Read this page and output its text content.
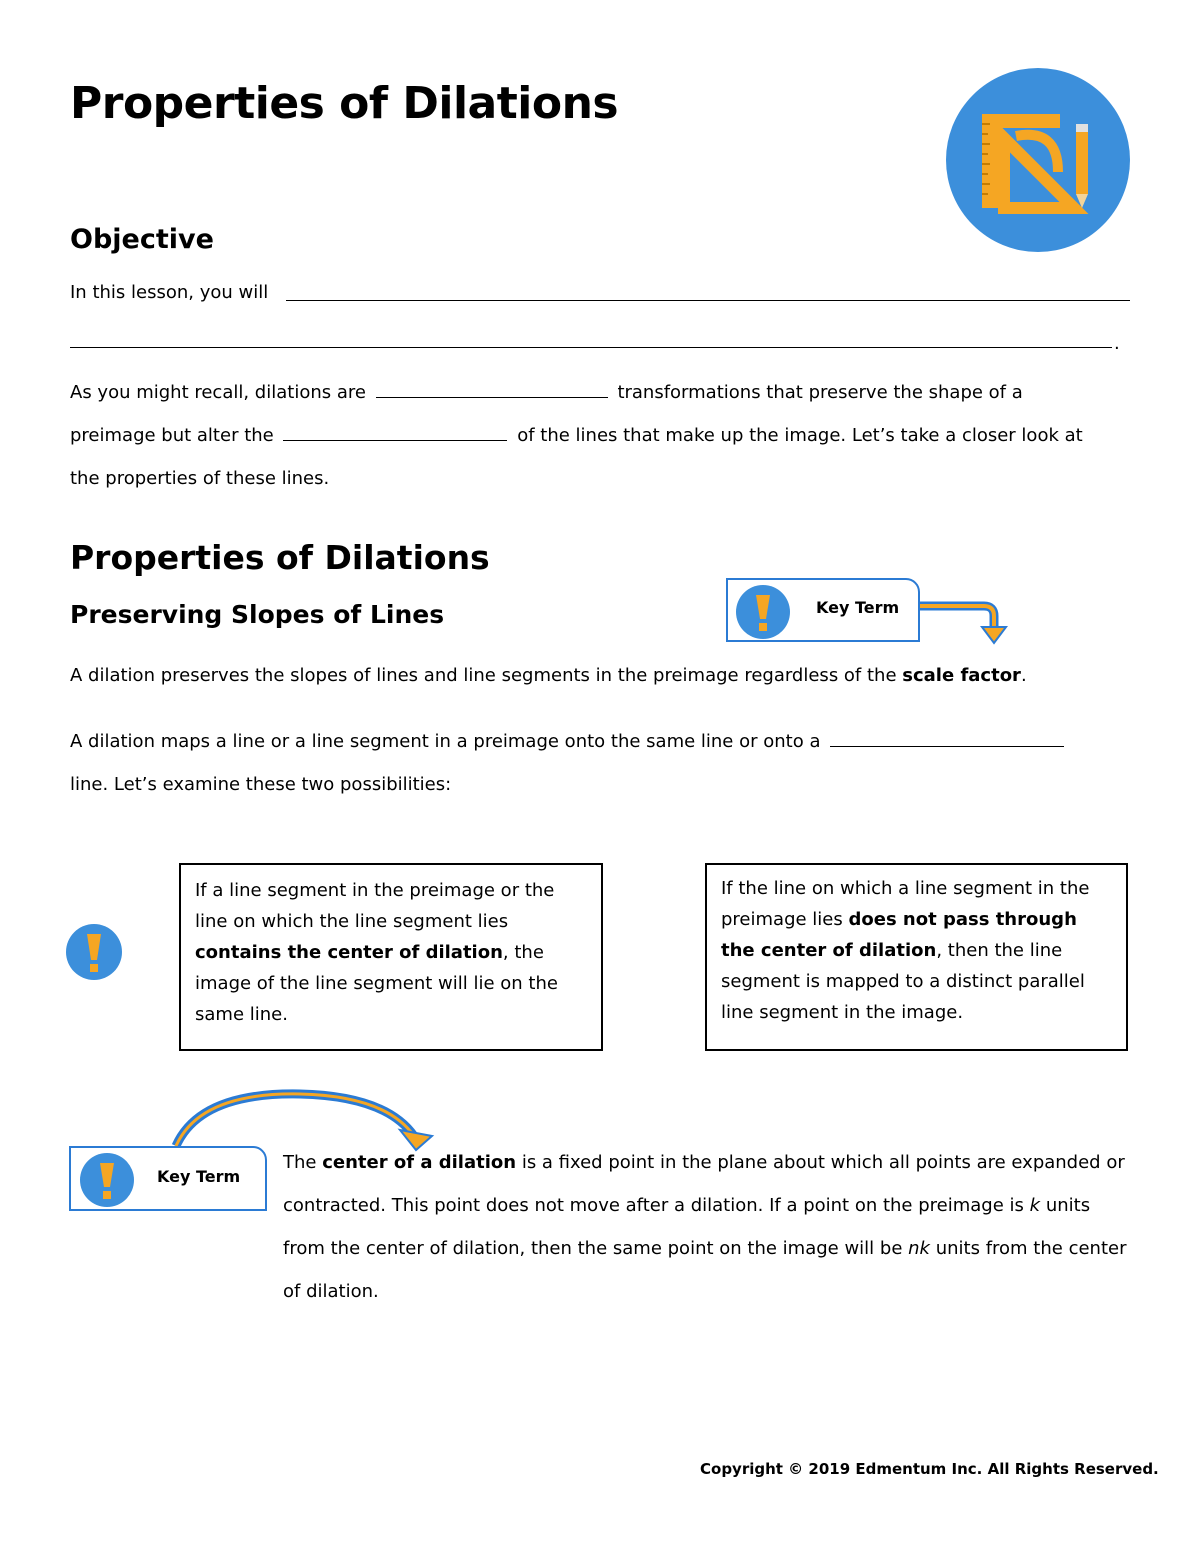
Properties of Dilations
Objective
In this lesson, you will
.
As you might recall, dilations are	transformations that preserve the shape of a
preimage but alter the	of the lines that make up the image. Let’s take a closer look at
the properties of these lines.
Properties of Dilations
Preserving Slopes of Lines	Key Term
A dilation preserves the slopes of lines and line segments in the preimage regardless of the scale factor.
A dilation maps a line or a line segment in a preimage onto the same line or onto a
line. Let’s examine these two possibilities:
If a line segment in the preimage or the line on which the line segment lies contains the center of dilation, the image of the line segment will lie on the same line.
If the line on which a line segment in the preimage lies does not pass through the center of dilation, then the line segment is mapped to a distinct parallel line segment in the image.
Key Term
The center of a dilation is a fixed point in the plane about which all points are expanded or contracted. This point does not move after a dilation. If a point on the preimage is k units from the center of dilation, then the same point on the image will be nk units from the center of dilation.
Copyright © 2019 Edmentum Inc. All Rights Reserved.
